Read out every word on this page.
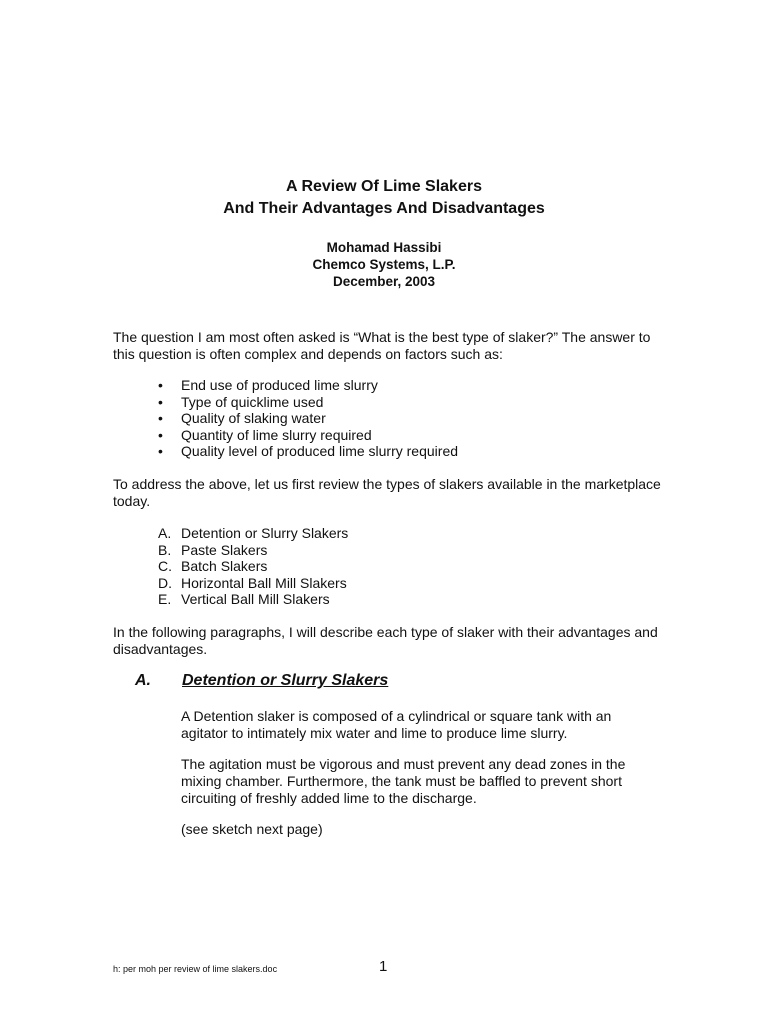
A Review Of Lime Slakers
And Their Advantages And Disadvantages
Mohamad Hassibi
Chemco Systems, L.P.
December, 2003
The question I am most often asked is “What is the best type of slaker?” The answer to this question is often complex and depends on factors such as:
• End use of produced lime slurry
• Type of quicklime used
• Quality of slaking water
• Quantity of lime slurry required
• Quality level of produced lime slurry required
To address the above, let us first review the types of slakers available in the marketplace today.
A. Detention or Slurry Slakers
B. Paste Slakers
C. Batch Slakers
D. Horizontal Ball Mill Slakers
E. Vertical Ball Mill Slakers
In the following paragraphs, I will describe each type of slaker with their advantages and disadvantages.
A. Detention or Slurry Slakers
A Detention slaker is composed of a cylindrical or square tank with an agitator to intimately mix water and lime to produce lime slurry.
The agitation must be vigorous and must prevent any dead zones in the mixing chamber. Furthermore, the tank must be baffled to prevent short circuiting of freshly added lime to the discharge.
(see sketch next page)
h: per moh per review of lime slakers.doc	1
